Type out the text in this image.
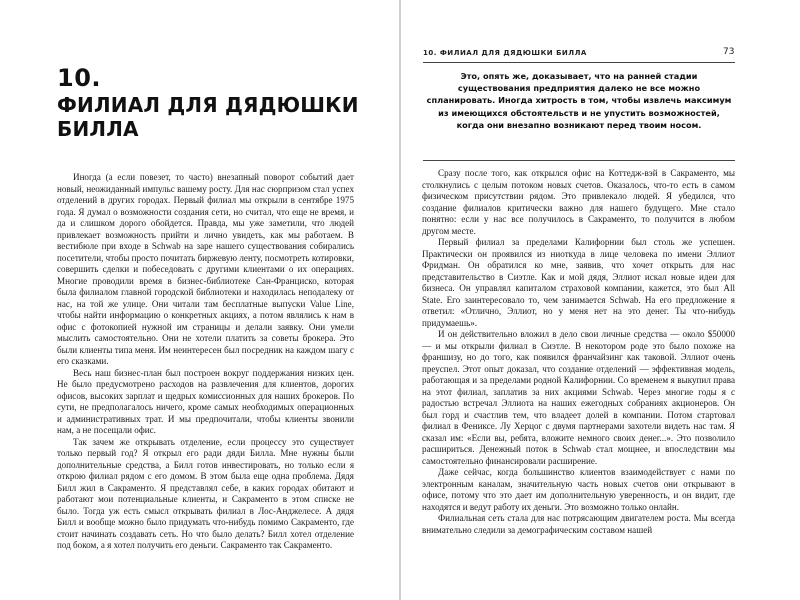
10.
ФИЛИАЛ ДЛЯ ДЯДЮШКИ БИЛЛА

Иногда (а если повезет, то часто) внезапный поворот событий дает новый, неожиданный импульс вашему росту. Для нас сюрпризом стал успех отделений в других городах. Первый филиал мы открыли в сентябре 1975 года. Я думал о возможности создания сети, но считал, что еще не время, и да и слишком дорого обойдется. Правда, мы уже заметили, что людей привлекает возможность прийти и лично увидеть, как мы работаем. В вестибюле при входе в Schwab на заре нашего существования собирались посетители, чтобы просто почитать биржевую ленту, посмотреть котировки, совершить сделки и побеседовать с другими клиентами о их операциях. Многие проводили время в бизнес-библиотеке Сан-Франциско, которая была филиалом главной городской библиотеки и находилась неподалеку от нас, на той же улице. Они читали там бесплатные выпуски Value Line, чтобы найти информацию о конкретных акциях, а потом являлись к нам в офис с фотокопией нужной им страницы и делали заявку. Они умели мыслить самостоятельно. Они не хотели платить за советы брокера. Это были клиенты типа меня. Им неинтересен был посредник на каждом шагу с его сказками.

Весь наш бизнес-план был построен вокруг поддержания низких цен. Не было предусмотрено расходов на развлечения для клиентов, дорогих офисов, высоких зарплат и щедрых комиссионных для наших брокеров. По сути, не предполагалось ничего, кроме самых необходимых операционных и административных трат. И мы предпочитали, чтобы клиенты звонили нам, а не посещали офис.

Так зачем же открывать отделение, если процессу это существует только первый год? Я открыл его ради дяди Билла. Мне нужны были дополнительные средства, а Билл готов инвестировать, но только если я открою филиал рядом с его домом. В этом была еще одна проблема. Дядя Билл жил в Сакраменто. Я представлял себе, в каких городах обитают и работают мои потенциальные клиенты, и Сакраменто в этом списке не было. Тогда уж есть смысл открывать филиал в Лос-Анджелесе. А дядя Билл и вообще можно было придумать что-нибудь помимо Сакраменто, где стоит начинать создавать сеть. Но что было делать? Билл хотел отделение под боком, а я хотел получить его деньги. Сакраменто так Сакраменто.

10. ФИЛИАЛ ДЛЯ ДЯДЮШКИ БИЛЛА	73
Это, опять же, доказывает, что на ранней стадии существования предприятия далеко не все можно спланировать. Иногда хитрость в том, чтобы извлечь максимум из имеющихся обстоятельств и не упустить возможностей, когда они внезапно возникают перед твоим носом.

Сразу после того, как открылся офис на Коттедж-вэй в Сакраменто, мы столкнулись с целым потоком новых счетов. Оказалось, что-то есть в самом физическом присутствии рядом. Это привлекало людей. Я убедился, что создание филиалов критически важно для нашего будущего. Мне стало понятно: если у нас все получилось в Сакраменто, то получится в любом другом месте.

Первый филиал за пределами Калифорнии был столь же успешен. Практически он проявился из ниоткуда в лице человека по имени Эллиот Фридман. Он обратился ко мне, заявив, что хочет открыть для нас представительство в Сиэтле. Как и мой дядя, Эллиот искал новые идеи для бизнеса. Он управлял капиталом страховой компании, кажется, это был All State. Его заинтересовало то, чем занимается Schwab. На его предложение я ответил: «Отлично, Эллиот, но у меня нет на это денег. Ты что-нибудь придумаешь».

И он действительно вложил в дело свои личные средства — около $50000 — и мы открыли филиал в Сиэтле. В некотором роде это было похоже на франшизу, но до того, как появился франчайзинг как таковой. Эллиот очень преуспел. Этот опыт доказал, что создание отделений — эффективная модель, работающая и за пределами родной Калифорнии. Со временем я выкупил права на этот филиал, заплатив за них акциями Schwab. Через многие годы я с радостью встречал Эллиота на наших ежегодных собраниях акционеров. Он был горд и счастлив тем, что владеет долей в компании. Потом стартовал филиал в Фениксе. Лу Херцог с двумя партнерами захотели видеть нас там. Я сказал им: «Если вы, ребята, вложите немного своих денег...». Это позволило расшириться. Денежный поток в Schwab стал мощнее, и впоследствии мы самостоятельно финансировали расширение.

Даже сейчас, когда большинство клиентов взаимодействует с нами по электронным каналам, значительную часть новых счетов они открывают в офисе, потому что это дает им дополнительную уверенность, и он видит, где находятся и ведут работу их деньги. Это возможно только онлайн.

Филиальная сеть стала для нас потрясающим двигателем роста. Мы всегда внимательно следили за демографическим составом нашей
